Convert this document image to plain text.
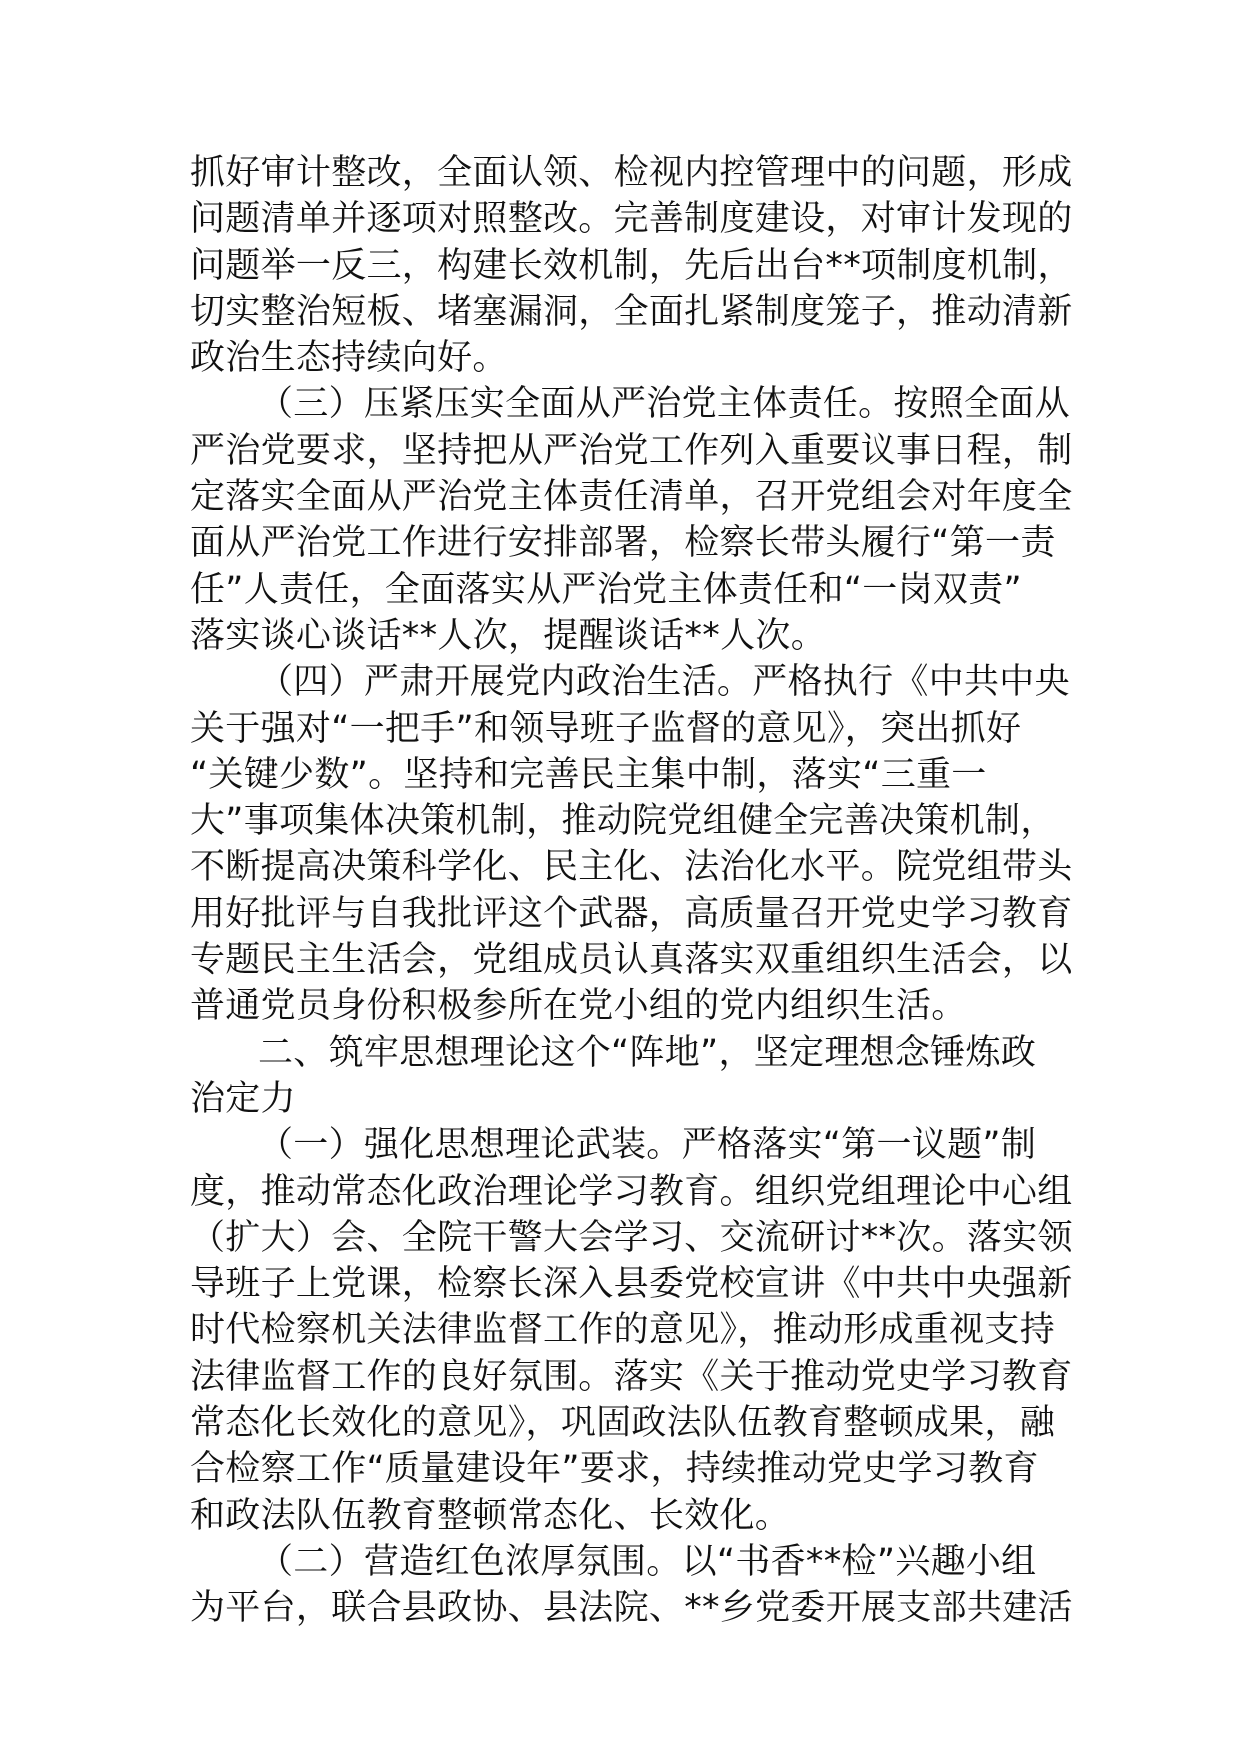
抓好审计整改，全面认领、检视内控管理中的问题，形成
问题清单并逐项对照整改。完善制度建设，对审计发现的
问题举一反三，构建长效机制，先后出台**项制度机制，
切实整治短板、堵塞漏洞，全面扎紧制度笼子，推动清新
政治生态持续向好。
（三）压紧压实全面从严治党主体责任。按照全面从
严治党要求，坚持把从严治党工作列入重要议事日程，制
定落实全面从严治党主体责任清单，召开党组会对年度全
面从严治党工作进行安排部署，检察长带头履行“第一责
任”人责任，全面落实从严治党主体责任和“一岗双责”
落实谈心谈话**人次，提醒谈话**人次。
（四）严肃开展党内政治生活。严格执行《中共中央
关于强对“一把手”和领导班子监督的意见》，突出抓好
“关键少数”。坚持和完善民主集中制，落实“三重一
大”事项集体决策机制，推动院党组健全完善决策机制，
不断提高决策科学化、民主化、法治化水平。院党组带头
用好批评与自我批评这个武器，高质量召开党史学习教育
专题民主生活会，党组成员认真落实双重组织生活会，以
普通党员身份积极参所在党小组的党内组织生活。
二、筑牢思想理论这个“阵地”，坚定理想念锤炼政
治定力
（一）强化思想理论武装。严格落实“第一议题”制
度，推动常态化政治理论学习教育。组织党组理论中心组
（扩大）会、全院干警大会学习、交流研讨**次。落实领
导班子上党课，检察长深入县委党校宣讲《中共中央强新
时代检察机关法律监督工作的意见》，推动形成重视支持
法律监督工作的良好氛围。落实《关于推动党史学习教育
常态化长效化的意见》，巩固政法队伍教育整顿成果，融
合检察工作“质量建设年”要求，持续推动党史学习教育
和政法队伍教育整顿常态化、长效化。
（二）营造红色浓厚氛围。以“书香**检”兴趣小组
为平台，联合县政协、县法院、**乡党委开展支部共建活
